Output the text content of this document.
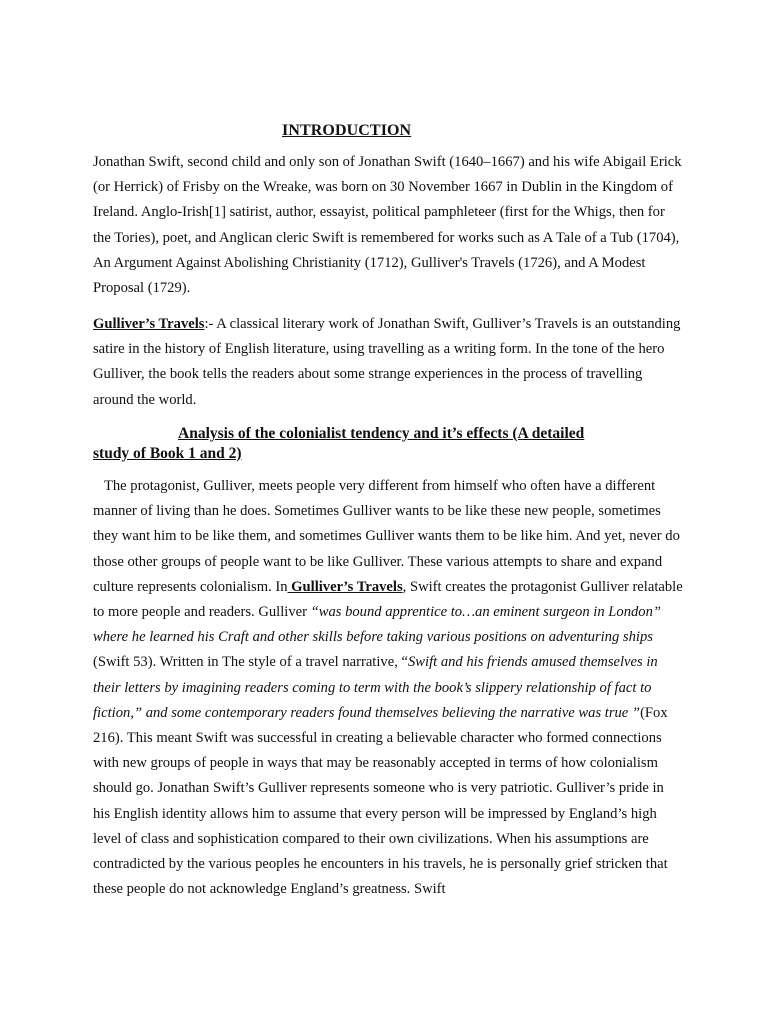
INTRODUCTION

Jonathan Swift, second child and only son of Jonathan Swift (1640–1667) and his wife Abigail Erick (or Herrick) of Frisby on the Wreake, was born on 30 November 1667 in Dublin in the Kingdom of Ireland. Anglo-Irish[1] satirist, author, essayist, political pamphleteer (first for the Whigs, then for the Tories), poet, and Anglican cleric Swift is remembered for works such as A Tale of a Tub (1704), An Argument Against Abolishing Christianity (1712), Gulliver's Travels (1726), and A Modest Proposal (1729).

Gulliver’s Travels:- A classical literary work of Jonathan Swift, Gulliver’s Travels is an outstanding satire in the history of English literature, using travelling as a writing form. In the tone of the hero Gulliver, the book tells the readers about some strange experiences in the process of travelling around the world.

Analysis of the colonialist tendency and it’s effects (A detailed
study of Book 1 and 2)

The protagonist, Gulliver, meets people very different from himself who often have a different manner of living than he does. Sometimes Gulliver wants to be like these new people, sometimes they want him to be like them, and sometimes Gulliver wants them to be like him. And yet, never do those other groups of people want to be like Gulliver. These various attempts to share and expand culture represents colonialism. In Gulliver’s Travels, Swift creates the protagonist Gulliver relatable to more people and readers. Gulliver “was bound apprentice to…an eminent surgeon in London” where he learned his Craft and other skills before taking various positions on adventuring ships (Swift 53). Written in The style of a travel narrative, “Swift and his friends amused themselves in their letters by imagining readers coming to term with the book’s slippery relationship of fact to fiction,” and some contemporary readers found themselves believing the narrative was true ”(Fox 216). This meant Swift was successful in creating a believable character who formed connections with new groups of people in ways that may be reasonably accepted in terms of how colonialism should go. Jonathan Swift’s Gulliver represents someone who is very patriotic. Gulliver’s pride in his English identity allows him to assume that every person will be impressed by England’s high level of class and sophistication compared to their own civilizations. When his assumptions are contradicted by the various peoples he encounters in his travels, he is personally grief stricken that these people do not acknowledge England’s greatness. Swift
